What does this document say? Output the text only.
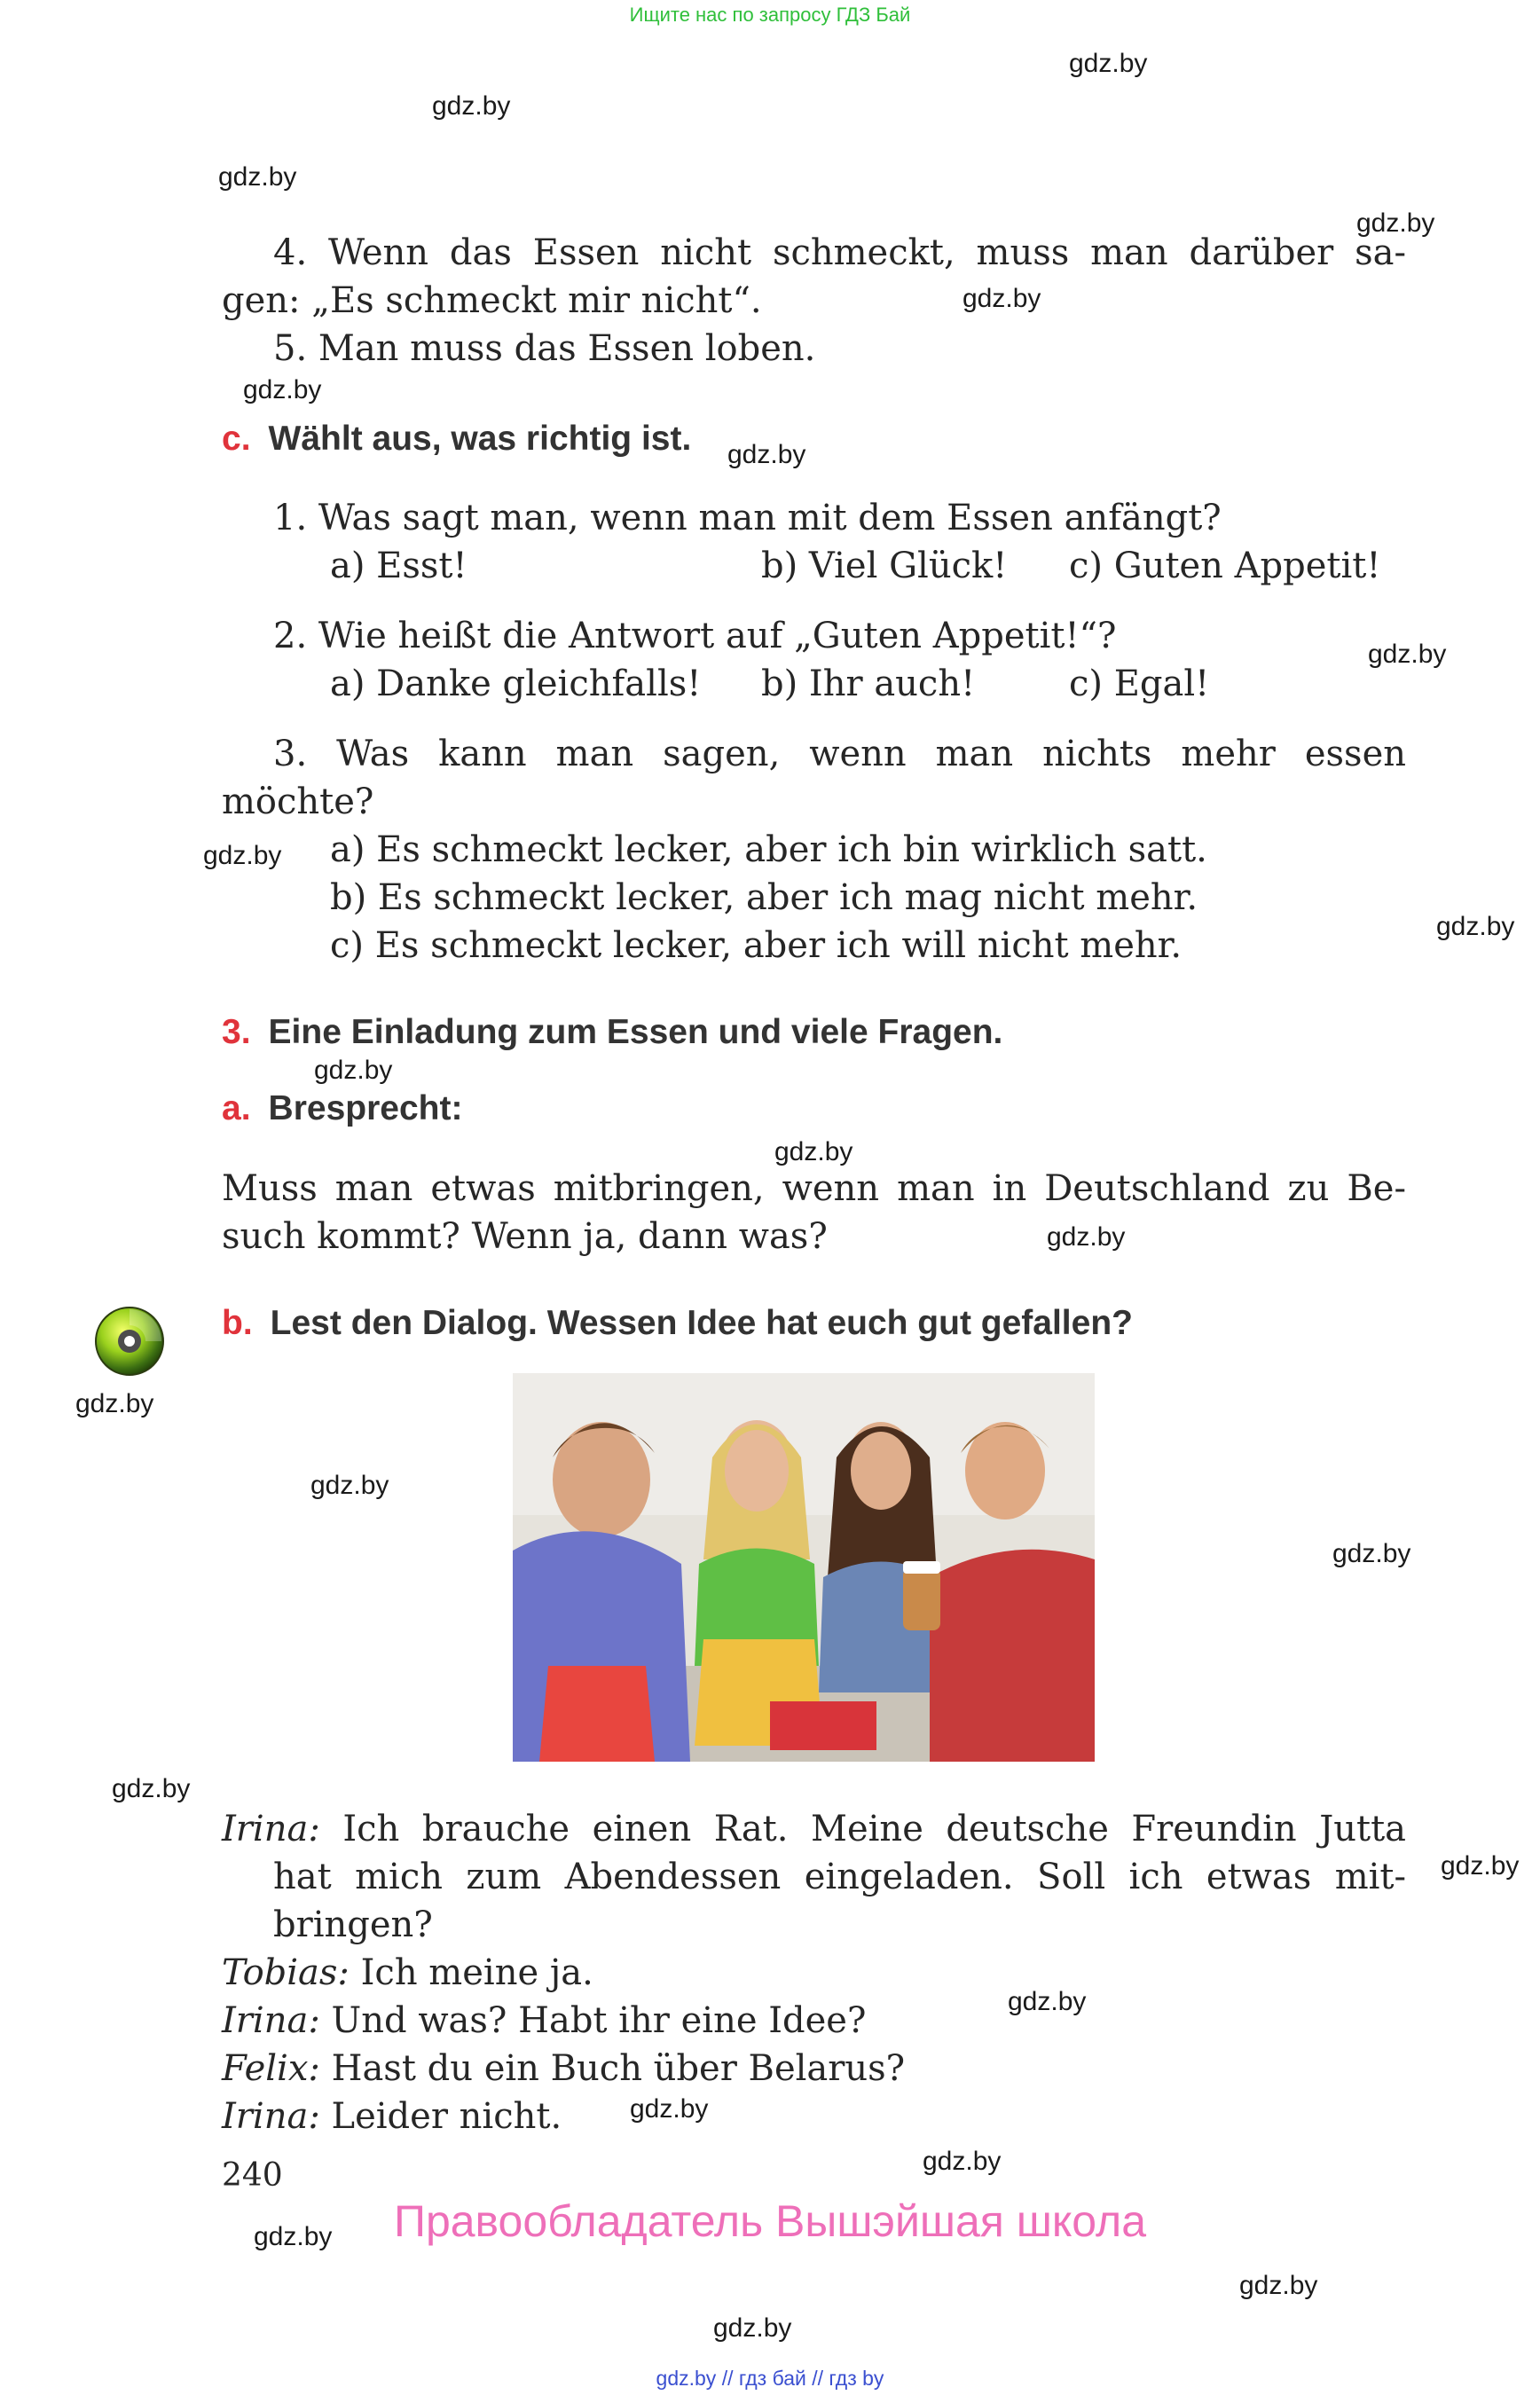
Ищите нас по запросу ГДЗ Бай
gdz.by
gdz.by
gdz.by
gdz.by
gdz.by
gdz.by
gdz.by
gdz.by
gdz.by
gdz.by
gdz.by
gdz.by
gdz.by
gdz.by
gdz.by
gdz.by
gdz.by
gdz.by
gdz.by
gdz.by
gdz.by
gdz.by
gdz.by
gdz.by
4. Wenn das Essen nicht schmeckt, muss man darüber sa-
gen: „Es schmeckt mir nicht“.
5. Man muss das Essen loben.
c. Wählt aus, was richtig ist.
1. Was sagt man, wenn man mit dem Essen anfängt?
a) Esst!	b) Viel Glück! c) Guten Appetit!
2. Wie heißt die Antwort auf „Guten Appetit!“?
a) Danke gleichfalls! b) Ihr auch!	c) Egal!
3. Was kann man sagen, wenn man nichts mehr essen
möchte?
a) Es schmeckt lecker, aber ich bin wirklich satt.
b) Es schmeckt lecker, aber ich mag nicht mehr.
c) Es schmeckt lecker, aber ich will nicht mehr.
3. Eine Einladung zum Essen und viele Fragen.
a. Bresprecht:
Muss man etwas mitbringen, wenn man in Deutschland zu Be-
such kommt? Wenn ja, dann was?
b. Lest den Dialog. Wessen Idee hat euch gut gefallen?
Irina: Ich brauche einen Rat. Meine deutsche Freundin Jutta
hat mich zum Abendessen eingeladen. Soll ich etwas mit-
bringen?
Tobias: Ich meine ja.
Irina: Und was? Habt ihr eine Idee?
Felix: Hast du ein Buch über Belarus?
Irina: Leider nicht.
240
Правообладатель Вышэйшая школа
gdz.by // гдз бай // гдз by
